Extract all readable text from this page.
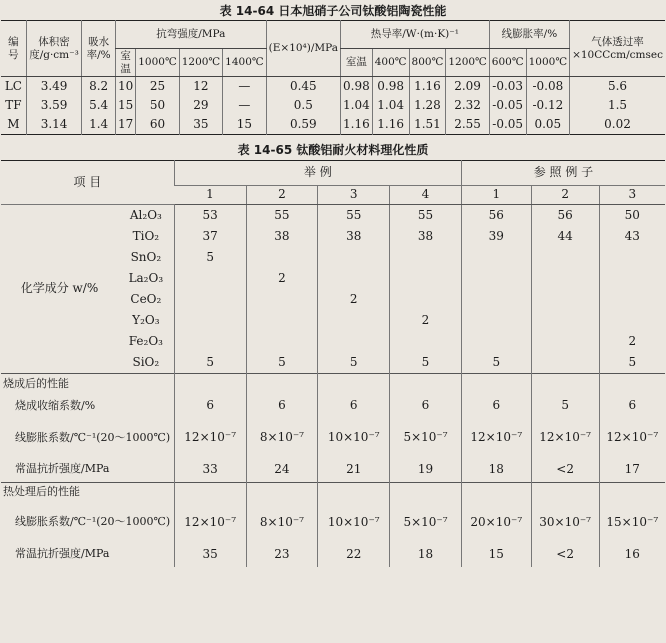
表 14-64 日本旭硝子公司钛酸铝陶瓷性能
编号	体积密度/g·cm⁻³	吸水率/%	抗弯强度/MPa				(E×10⁴)/MPa	热导率/W·(m·K)⁻¹				线膨胀率/%		气体透过率×10CCcm/cmsec
			室温	1000℃	1200℃	1400℃		室温	400℃	800℃	1200℃	600℃	1000℃	
LC	3.49	8.2	10	25	12	—	0.45	0.98	0.98	1.16	2.09	-0.03	-0.08	5.6
TF	3.59	5.4	15	50	29	—	0.5	1.04	1.04	1.28	2.32	-0.05	-0.12	1.5
M	3.14	1.4	17	60	35	15	0.59	1.16	1.16	1.51	2.55	-0.05	0.05	0.02
表 14-65 钛酸铝耐火材料理化性质
项 目		举 例				参 照 例 子		
		1	2	3	4	1	2	3
化学成分 w/%	Al₂O₃	53	55	55	55	56	56	50
	TiO₂	37	38	38	38	39	44	43
	SnO₂	5						
	La₂O₃		2					
	CeO₂			2				
	Y₂O₃				2			
	Fe₂O₃							2
	SiO₂	5	5	5	5	5		5
烧成后的性能								
烧成收缩系数/%		6	6	6	6	6	5	6
线膨胀系数/℃⁻¹(20～1000℃)		12×10⁻⁷	8×10⁻⁷	10×10⁻⁷	5×10⁻⁷	12×10⁻⁷	12×10⁻⁷	12×10⁻⁷
常温抗折强度/MPa		33	24	21	19	18	<2	17
热处理后的性能								
线膨胀系数/℃⁻¹(20～1000℃)		12×10⁻⁷	8×10⁻⁷	10×10⁻⁷	5×10⁻⁷	20×10⁻⁷	30×10⁻⁷	15×10⁻⁷
常温抗折强度/MPa		35	23	22	18	15	<2	16
